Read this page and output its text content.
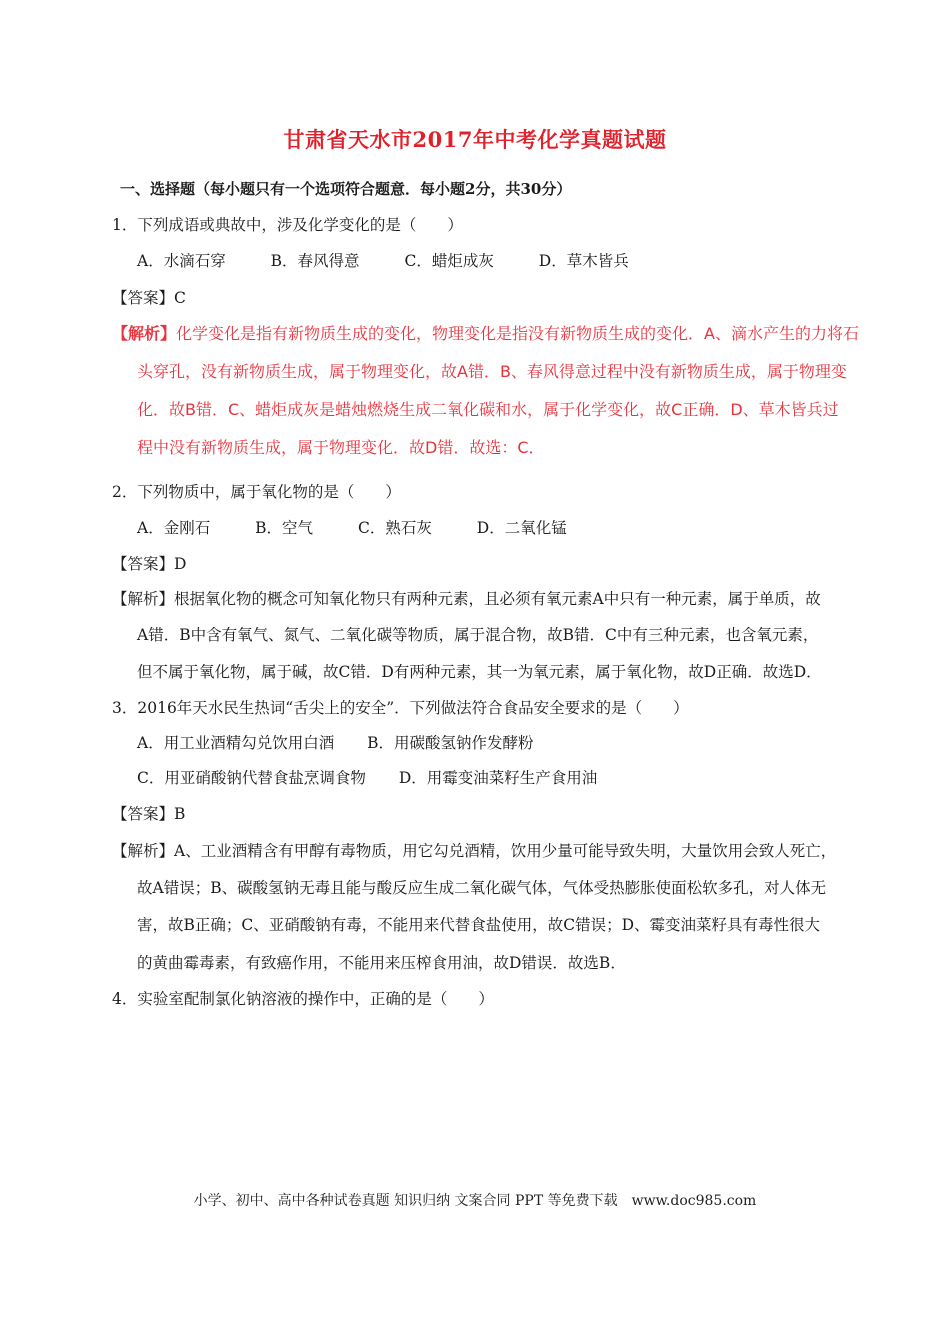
甘肃省天水市2017年中考化学真题试题
一、选择题（每小题只有一个选项符合题意．每小题2分，共30分）
1．下列成语或典故中，涉及化学变化的是（　　）
A．水滴石穿	B．春风得意	C．蜡炬成灰	D．草木皆兵
【答案】C
【解析】化学变化是指有新物质生成的变化，物理变化是指没有新物质生成的变化．A、滴水产生的力将石
头穿孔，没有新物质生成，属于物理变化，故A错．B、春风得意过程中没有新物质生成，属于物理变
化．故B错．C、蜡炬成灰是蜡烛燃烧生成二氧化碳和水，属于化学变化，故C正确．D、草木皆兵过
程中没有新物质生成，属于物理变化．故D错．故选：C．
2．下列物质中，属于氧化物的是（　　）
A．金刚石	B．空气	C．熟石灰	D．二氧化锰
【答案】D
【解析】根据氧化物的概念可知氧化物只有两种元素，且必须有氧元素A中只有一种元素，属于单质，故
A错．B中含有氧气、氮气、二氧化碳等物质，属于混合物，故B错．C中有三种元素，也含氧元素，
但不属于氧化物，属于碱，故C错．D有两种元素，其一为氧元素，属于氧化物，故D正确．故选D．
3．2016年天水民生热词“舌尖上的安全”．下列做法符合食品安全要求的是（　　）
A．用工业酒精勾兑饮用白酒 B．用碳酸氢钠作发酵粉
C．用亚硝酸钠代替食盐烹调食物 D．用霉变油菜籽生产食用油
【答案】B
【解析】A、工业酒精含有甲醇有毒物质，用它勾兑酒精，饮用少量可能导致失明，大量饮用会致人死亡，
故A错误；B、碳酸氢钠无毒且能与酸反应生成二氧化碳气体，气体受热膨胀使面松软多孔，对人体无
害，故B正确；C、亚硝酸钠有毒，不能用来代替食盐使用，故C错误；D、霉变油菜籽具有毒性很大
的黄曲霉毒素，有致癌作用，不能用来压榨食用油，故D错误．故选B．
4．实验室配制氯化钠溶液的操作中，正确的是（　　）
小学、初中、高中各种试卷真题 知识归纳 文案合同 PPT 等免费下载　www.doc985.com
